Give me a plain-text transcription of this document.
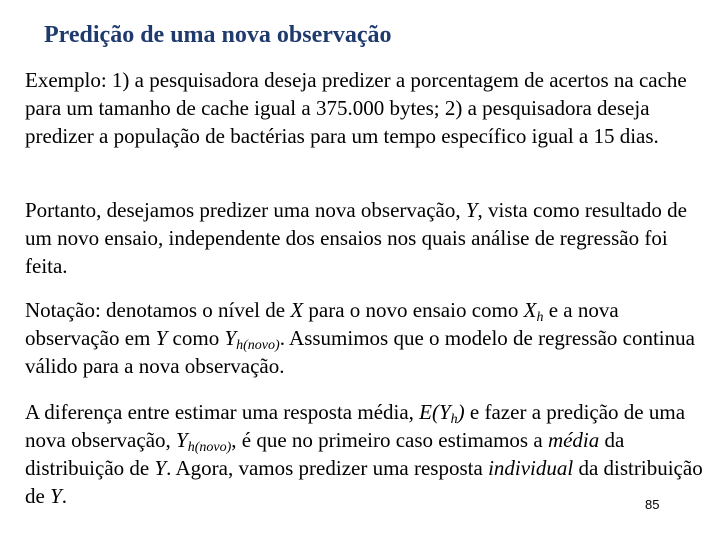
Predição de uma nova observação
Exemplo: 1) a pesquisadora deseja predizer a porcentagem de acertos na cache para um tamanho de cache igual a 375.000 bytes; 2) a pesquisadora deseja predizer a população de bactérias para um tempo específico igual a 15 dias.
Portanto, desejamos predizer uma nova observação, Y, vista como resultado de um novo ensaio, independente dos ensaios nos quais análise de regressão foi feita.
Notação: denotamos o nível de X para o novo ensaio como $X_h$ e a nova observação em Y como $Y_{h(novo)}$. Assumimos que o modelo de regressão continua válido para a nova observação.
A diferença entre estimar uma resposta média, $E(Y_h)$ e fazer a predição de uma nova observação, $Y_{h(novo)}$, é que no primeiro caso estimamos a média da distribuição de Y. Agora, vamos predizer uma resposta individual da distribuição de Y.	85
